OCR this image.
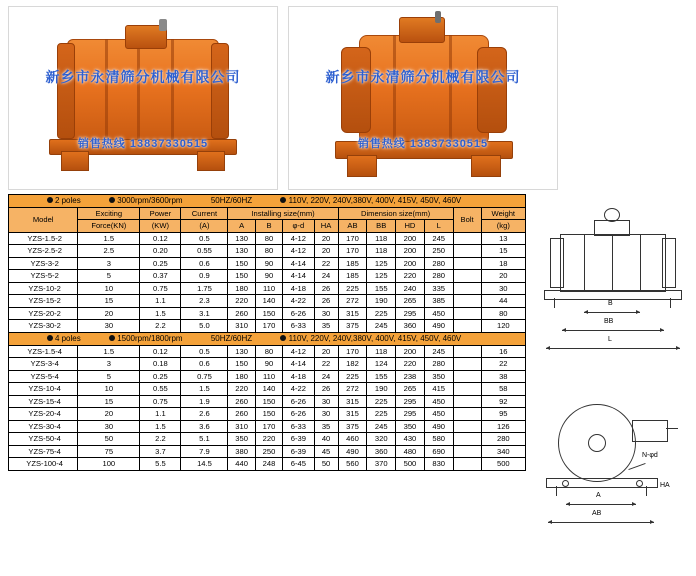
新乡市永清筛分机械有限公司
销售热线 13837330515
新乡市永清筛分机械有限公司
销售热线 13837330515
2 poles 3000rpm/3600rpm 50HZ/60HZ 110V, 220V, 240V,380V, 400V, 415V, 450V, 460V													
Model	Exciting	Power	Current	Installing size(mm)				Dimension size(mm)				Bolt	Weight
	Force(KN)	(KW)	(A)	A	B	φ-d	HA	AB	BB	HD	L		(kg)
YZS-1.5-2	1.5	0.12	0.5	130	80	4-12	20	170	118	200	245		13
YZS-2.5-2	2.5	0.20	0.55	130	80	4-12	20	170	118	200	250		15
YZS-3-2	3	0.25	0.6	150	90	4-14	22	185	125	200	280		18
YZS-5-2	5	0.37	0.9	150	90	4-14	24	185	125	220	280		20
YZS-10-2	10	0.75	1.75	180	110	4-18	26	225	155	240	335		30
YZS-15-2	15	1.1	2.3	220	140	4-22	26	272	190	265	385		44
YZS-20-2	20	1.5	3.1	260	150	6-26	30	315	225	295	450		80
YZS-30-2	30	2.2	5.0	310	170	6-33	35	375	245	360	490		120
4 poles 1500rpm/1800rpm 50HZ/60HZ 110V, 220V, 240V,380V, 400V, 415V, 450V, 460V													
YZS-1.5-4	1.5	0.12	0.5	130	80	4-12	20	170	118	200	245		16
YZS-3-4	3	0.18	0.6	150	90	4-14	22	182	124	220	280		22
YZS-5-4	5	0.25	0.75	180	110	4-18	24	225	155	238	350		38
YZS-10-4	10	0.55	1.5	220	140	4-22	26	272	190	265	415		58
YZS-15-4	15	0.75	1.9	260	150	6-26	30	315	225	295	450		92
YZS-20-4	20	1.1	2.6	260	150	6-26	30	315	225	295	450		95
YZS-30-4	30	1.5	3.6	310	170	6-33	35	375	245	350	490		126
YZS-50-4	50	2.2	5.1	350	220	6-39	40	460	320	430	580		280
YZS-75-4	75	3.7	7.9	380	250	6-39	45	490	360	480	690		340
YZS-100-4	100	5.5	14.5	440	248	6-45	50	560	370	500	830		500
B
BB
L
N-φd
A
AB
HA
